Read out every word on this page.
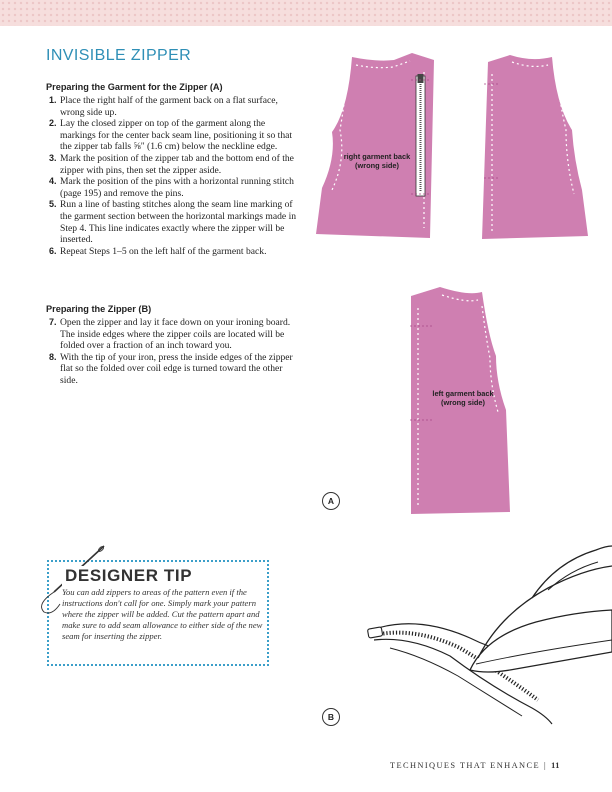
INVISIBLE ZIPPER
Preparing the Garment for the Zipper (A)
1. Place the right half of the garment back on a flat surface, wrong side up.
2. Lay the closed zipper on top of the garment along the markings for the center back seam line, positioning it so that the zipper tab falls ⅝" (1.6 cm) below the neckline edge.
3. Mark the position of the zipper tab and the bottom end of the zipper with pins, then set the zipper aside.
4. Mark the position of the pins with a horizontal running stitch (page 195) and remove the pins.
5. Run a line of basting stitches along the seam line marking of the garment section between the horizontal markings made in Step 4. This line indicates exactly where the zipper will be inserted.
6. Repeat Steps 1–5 on the left half of the garment back.
Preparing the Zipper (B)
7. Open the zipper and lay it face down on your ironing board. The inside edges where the zipper coils are located will be folded over a fraction of an inch toward you.
8. With the tip of your iron, press the inside edges of the zipper flat so the folded over coil edge is turned toward the other side.
right garment back
(wrong side)
left garment back
(wrong side)
A
DESIGNER TIP

You can add zippers to areas of the pattern even if the instructions don't call for one. Simply mark your pattern where the zipper will be added. Cut the pattern apart and make sure to add seam allowance to either side of the new seam for inserting the zipper.

B
TECHNIQUES THAT ENHANCE | 11
